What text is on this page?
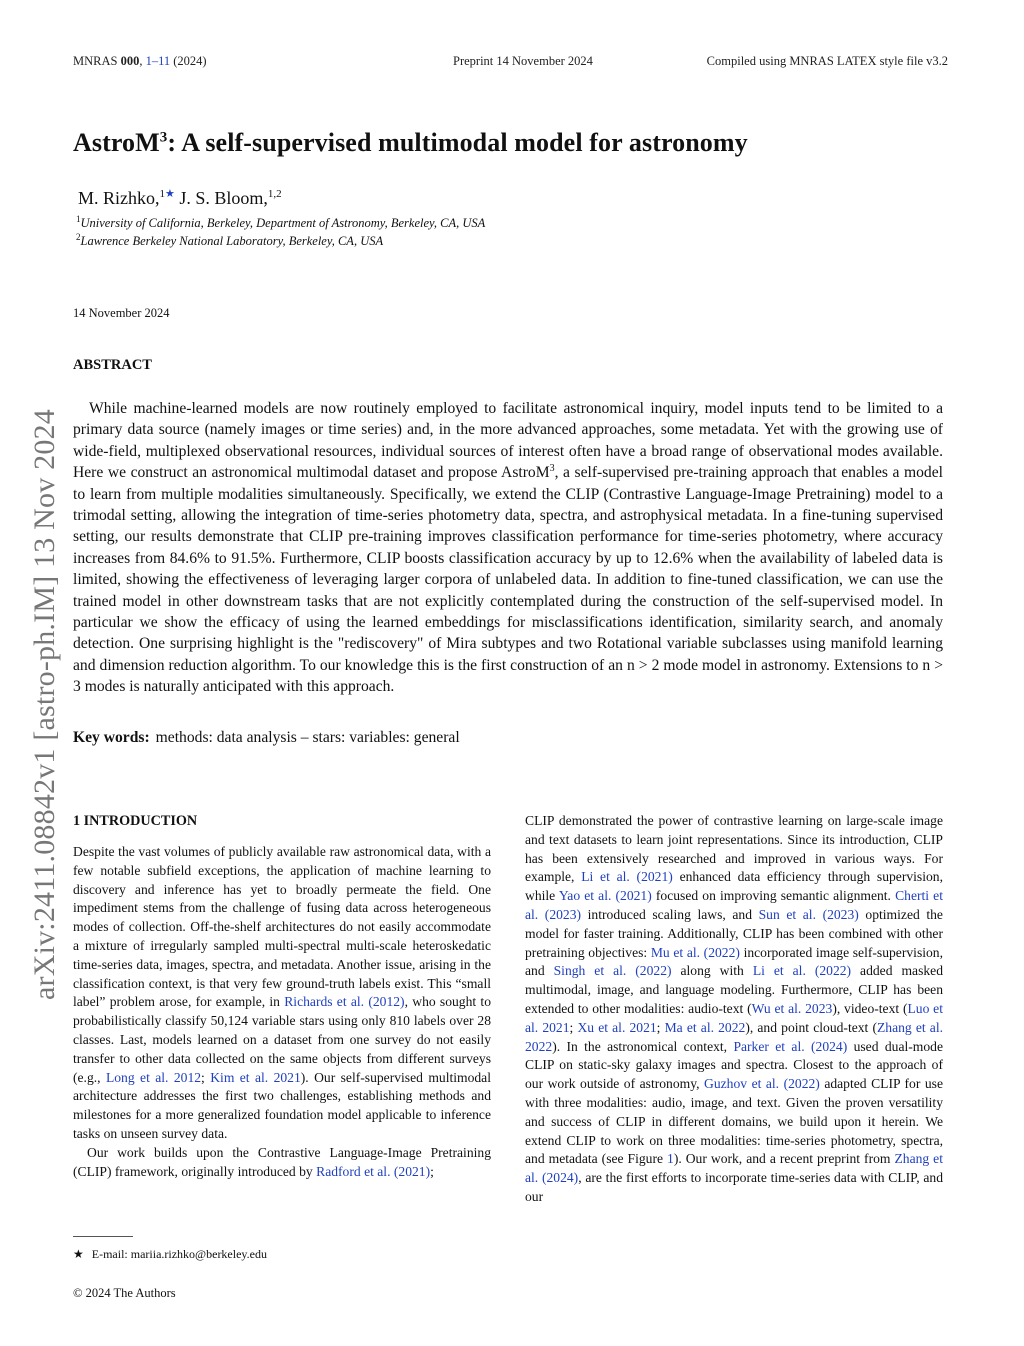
MNRAS 000, 1–11 (2024)	Preprint 14 November 2024	Compiled using MNRAS LATEX style file v3.2
arXiv:2411.08842v1 [astro-ph.IM] 13 Nov 2024
AstroM$^3$: A self-supervised multimodal model for astronomy
M. Rizhko,$^{1★}$ J. S. Bloom,$^{1,2}$
$^1$University of California, Berkeley, Department of Astronomy, Berkeley, CA, USA
$^2$Lawrence Berkeley National Laboratory, Berkeley, CA, USA
14 November 2024
ABSTRACT
While machine-learned models are now routinely employed to facilitate astronomical inquiry, model inputs tend to be limited to a primary data source (namely images or time series) and, in the more advanced approaches, some metadata. Yet with the growing use of wide-field, multiplexed observational resources, individual sources of interest often have a broad range of observational modes available. Here we construct an astronomical multimodal dataset and propose AstroM$^3$, a self-supervised pre-training approach that enables a model to learn from multiple modalities simultaneously. Specifically, we extend the CLIP (Contrastive Language-Image Pretraining) model to a trimodal setting, allowing the integration of time-series photometry data, spectra, and astrophysical metadata. In a fine-tuning supervised setting, our results demonstrate that CLIP pre-training improves classification performance for time-series photometry, where accuracy increases from 84.6% to 91.5%. Furthermore, CLIP boosts classification accuracy by up to 12.6% when the availability of labeled data is limited, showing the effectiveness of leveraging larger corpora of unlabeled data. In addition to fine-tuned classification, we can use the trained model in other downstream tasks that are not explicitly contemplated during the construction of the self-supervised model. In particular we show the efficacy of using the learned embeddings for misclassifications identification, similarity search, and anomaly detection. One surprising highlight is the "rediscovery" of Mira subtypes and two Rotational variable subclasses using manifold learning and dimension reduction algorithm. To our knowledge this is the first construction of an n > 2 mode model in astronomy. Extensions to n > 3 modes is naturally anticipated with this approach.
Key words: methods: data analysis – stars: variables: general
1 INTRODUCTION

Despite the vast volumes of publicly available raw astronomical data, with a few notable subfield exceptions, the application of machine learning to discovery and inference has yet to broadly permeate the field. One impediment stems from the challenge of fusing data across heterogeneous modes of collection. Off-the-shelf architectures do not easily accommodate a mixture of irregularly sampled multi-spectral multi-scale heteroskedatic time-series data, images, spectra, and metadata. Another issue, arising in the classification context, is that very few ground-truth labels exist. This “small label” problem arose, for example, in Richards et al. (2012), who sought to probabilistically classify 50,124 variable stars using only 810 labels over 28 classes. Last, models learned on a dataset from one survey do not easily transfer to other data collected on the same objects from different surveys (e.g., Long et al. 2012; Kim et al. 2021). Our self-supervised multimodal architecture addresses the first two challenges, establishing methods and milestones for a more generalized foundation model applicable to inference tasks on unseen survey data.

Our work builds upon the Contrastive Language-Image Pretraining (CLIP) framework, originally introduced by Radford et al. (2021);

CLIP demonstrated the power of contrastive learning on large-scale image and text datasets to learn joint representations. Since its introduction, CLIP has been extensively researched and improved in various ways. For example, Li et al. (2021) enhanced data efficiency through supervision, while Yao et al. (2021) focused on improving semantic alignment. Cherti et al. (2023) introduced scaling laws, and Sun et al. (2023) optimized the model for faster training. Additionally, CLIP has been combined with other pretraining objectives: Mu et al. (2022) incorporated image self-supervision, and Singh et al. (2022) along with Li et al. (2022) added masked multimodal, image, and language modeling. Furthermore, CLIP has been extended to other modalities: audio-text (Wu et al. 2023), video-text (Luo et al. 2021; Xu et al. 2021; Ma et al. 2022), and point cloud-text (Zhang et al. 2022). In the astronomical context, Parker et al. (2024) used dual-mode CLIP on static-sky galaxy images and spectra. Closest to the approach of our work outside of astronomy, Guzhov et al. (2022) adapted CLIP for use with three modalities: audio, image, and text. Given the proven versatility and success of CLIP in different domains, we build upon it herein. We extend CLIP to work on three modalities: time-series photometry, spectra, and metadata (see Figure 1). Our work, and a recent preprint from Zhang et al. (2024), are the first efforts to incorporate time-series data with CLIP, and our

★ E-mail: mariia.rizhko@berkeley.edu
© 2024 The Authors
